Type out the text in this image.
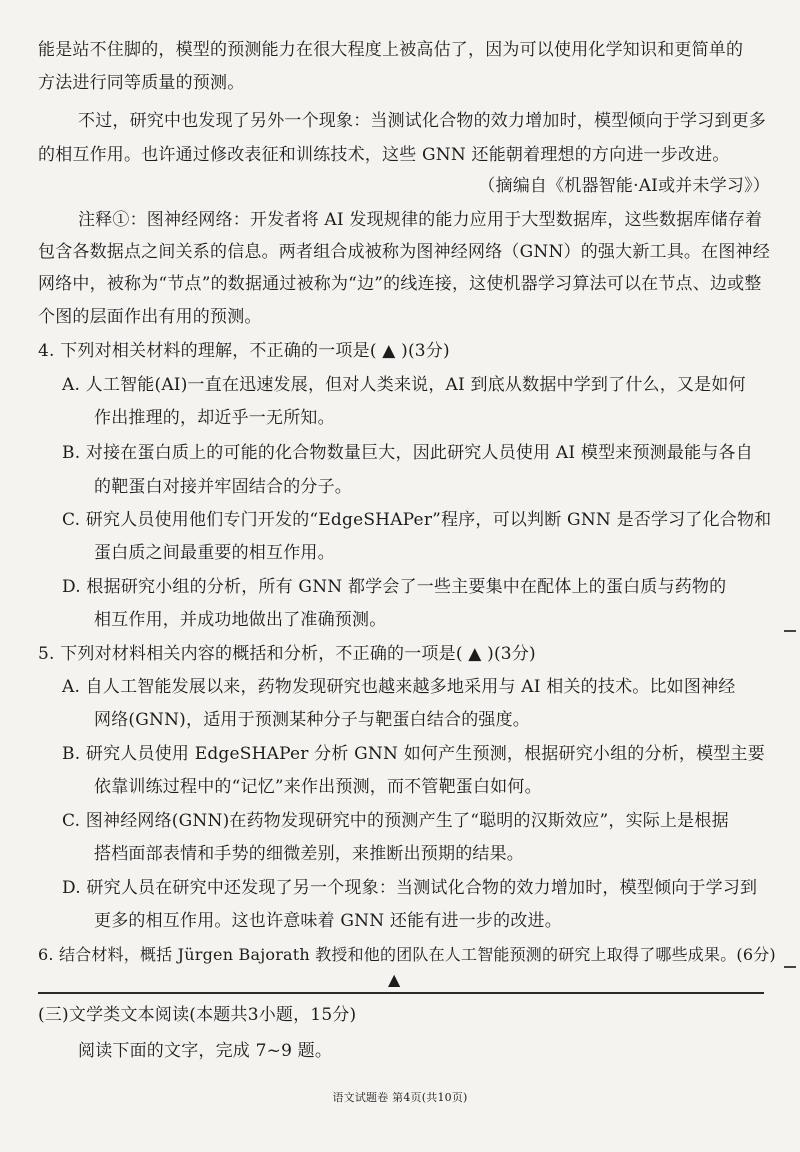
能是站不住脚的，模型的预测能力在很大程度上被高估了，因为可以使用化学知识和更简单的
方法进行同等质量的预测。
不过，研究中也发现了另外一个现象：当测试化合物的效力增加时，模型倾向于学习到更多
的相互作用。也许通过修改表征和训练技术，这些 GNN 还能朝着理想的方向进一步改进。
（摘编自《机器智能·AI或并未学习》）
注释①：图神经网络：开发者将 AI 发现规律的能力应用于大型数据库，这些数据库储存着
包含各数据点之间关系的信息。两者组合成被称为图神经网络（GNN）的强大新工具。在图神经
网络中，被称为“节点”的数据通过被称为“边”的线连接，这使机器学习算法可以在节点、边或整
个图的层面作出有用的预测。
4. 下列对相关材料的理解，不正确的一项是( ▲ )(3分)
A. 人工智能(AI)一直在迅速发展，但对人类来说，AI 到底从数据中学到了什么，又是如何
作出推理的，却近乎一无所知。
B. 对接在蛋白质上的可能的化合物数量巨大，因此研究人员使用 AI 模型来预测最能与各自
的靶蛋白对接并牢固结合的分子。
C. 研究人员使用他们专门开发的“EdgeSHAPer”程序，可以判断 GNN 是否学习了化合物和
蛋白质之间最重要的相互作用。
D. 根据研究小组的分析，所有 GNN 都学会了一些主要集中在配体上的蛋白质与药物的
相互作用，并成功地做出了准确预测。
5. 下列对材料相关内容的概括和分析，不正确的一项是( ▲ )(3分)
A. 自人工智能发展以来，药物发现研究也越来越多地采用与 AI 相关的技术。比如图神经
网络(GNN)，适用于预测某种分子与靶蛋白结合的强度。
B. 研究人员使用 EdgeSHAPer 分析 GNN 如何产生预测，根据研究小组的分析，模型主要
依靠训练过程中的“记忆”来作出预测，而不管靶蛋白如何。
C. 图神经网络(GNN)在药物发现研究中的预测产生了“聪明的汉斯效应”，实际上是根据
搭档面部表情和手势的细微差别，来推断出预期的结果。
D. 研究人员在研究中还发现了另一个现象：当测试化合物的效力增加时，模型倾向于学习到
更多的相互作用。这也许意味着 GNN 还能有进一步的改进。
6. 结合材料，概括 Jürgen Bajorath 教授和他的团队在人工智能预测的研究上取得了哪些成果。(6分)
▲
(三)文学类文本阅读(本题共3小题，15分)
阅读下面的文字，完成 7~9 题。
语文试题卷 第4页(共10页)
